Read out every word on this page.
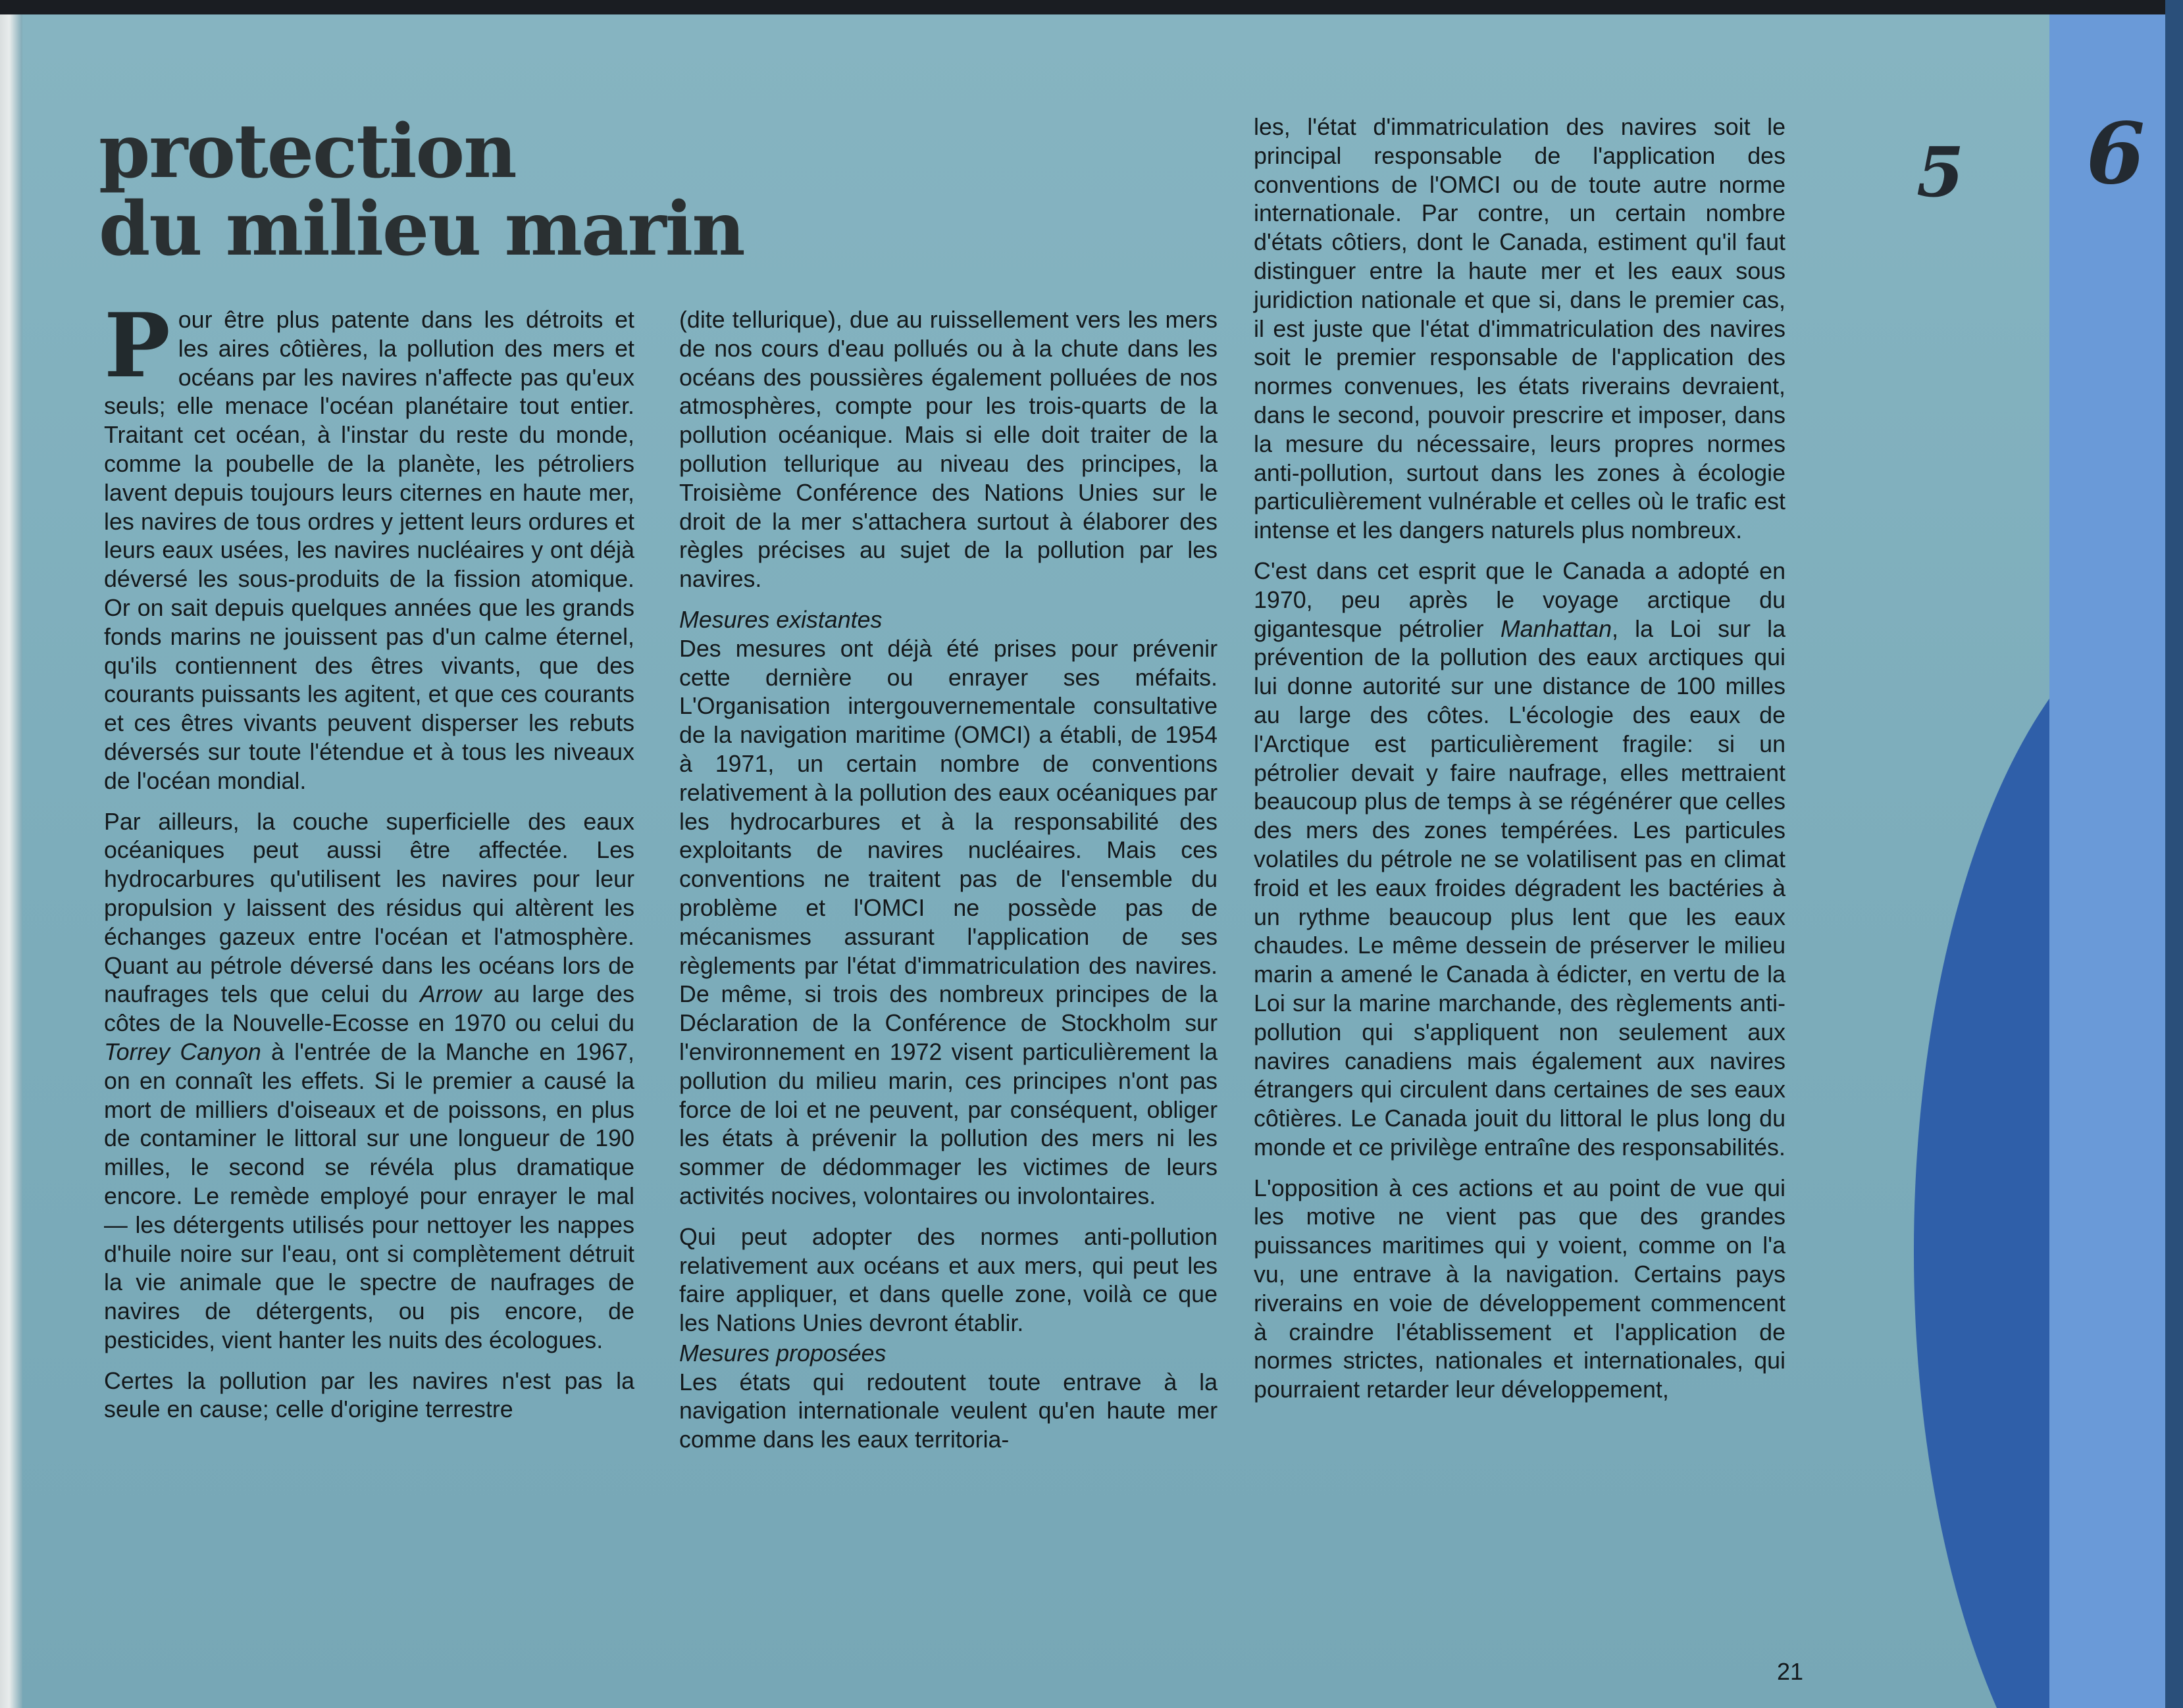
5 6
protection
du milieu marin

Pour être plus patente dans les détroits et les aires côtières, la pollution des mers et océans par les navires n'affecte pas qu'eux seuls; elle menace l'océan planétaire tout entier. Traitant cet océan, à l'instar du reste du monde, comme la poubelle de la planète, les pétroliers lavent depuis toujours leurs citernes en haute mer, les navires de tous ordres y jettent leurs ordures et leurs eaux usées, les navires nucléaires y ont déjà déversé les sous-produits de la fission atomique. Or on sait depuis quelques années que les grands fonds marins ne jouissent pas d'un calme éternel, qu'ils contiennent des êtres vivants, que des courants puissants les agitent, et que ces courants et ces êtres vivants peuvent disperser les rebuts déversés sur toute l'étendue et à tous les niveaux de l'océan mondial.

Par ailleurs, la couche superficielle des eaux océaniques peut aussi être affectée. Les hydrocarbures qu'utilisent les navires pour leur propulsion y laissent des résidus qui altèrent les échanges gazeux entre l'océan et l'atmosphère. Quant au pétrole déversé dans les océans lors de naufrages tels que celui du Arrow au large des côtes de la Nouvelle-Ecosse en 1970 ou celui du Torrey Canyon à l'entrée de la Manche en 1967, on en connaît les effets. Si le premier a causé la mort de milliers d'oiseaux et de poissons, en plus de contaminer le littoral sur une longueur de 190 milles, le second se révéla plus dramatique encore. Le remède employé pour enrayer le mal — les détergents utilisés pour nettoyer les nappes d'huile noire sur l'eau, ont si complètement détruit la vie animale que le spectre de naufrages de navires de détergents, ou pis encore, de pesticides, vient hanter les nuits des écologues.

Certes la pollution par les navires n'est pas la seule en cause; celle d'origine terrestre

(dite tellurique), due au ruissellement vers les mers de nos cours d'eau pollués ou à la chute dans les océans des poussières également polluées de nos atmosphères, compte pour les trois-quarts de la pollution océanique. Mais si elle doit traiter de la pollution tellurique au niveau des principes, la Troisième Conférence des Nations Unies sur le droit de la mer s'attachera surtout à élaborer des règles précises au sujet de la pollution par les navires.

Mesures existantes

Des mesures ont déjà été prises pour prévenir cette dernière ou enrayer ses méfaits. L'Organisation intergouvernementale consultative de la navigation maritime (OMCI) a établi, de 1954 à 1971, un certain nombre de conventions relativement à la pollution des eaux océaniques par les hydrocarbures et à la responsabilité des exploitants de navires nucléaires. Mais ces conventions ne traitent pas de l'ensemble du problème et l'OMCI ne possède pas de mécanismes assurant l'application de ses règlements par l'état d'immatriculation des navires. De même, si trois des nombreux principes de la Déclaration de la Conférence de Stockholm sur l'environnement en 1972 visent particulièrement la pollution du milieu marin, ces principes n'ont pas force de loi et ne peuvent, par conséquent, obliger les états à prévenir la pollution des mers ni les sommer de dédommager les victimes de leurs activités nocives, volontaires ou involontaires.

Qui peut adopter des normes anti-pollution relativement aux océans et aux mers, qui peut les faire appliquer, et dans quelle zone, voilà ce que les Nations Unies devront établir.

Mesures proposées

Les états qui redoutent toute entrave à la navigation internationale veulent qu'en haute mer comme dans les eaux territoria-

les, l'état d'immatriculation des navires soit le principal responsable de l'application des conventions de l'OMCI ou de toute autre norme internationale. Par contre, un certain nombre d'états côtiers, dont le Canada, estiment qu'il faut distinguer entre la haute mer et les eaux sous juridiction nationale et que si, dans le premier cas, il est juste que l'état d'immatriculation des navires soit le premier responsable de l'application des normes convenues, les états riverains devraient, dans le second, pouvoir prescrire et imposer, dans la mesure du nécessaire, leurs propres normes anti-pollution, surtout dans les zones à écologie particulièrement vulnérable et celles où le trafic est intense et les dangers naturels plus nombreux.

C'est dans cet esprit que le Canada a adopté en 1970, peu après le voyage arctique du gigantesque pétrolier Manhattan, la Loi sur la prévention de la pollution des eaux arctiques qui lui donne autorité sur une distance de 100 milles au large des côtes. L'écologie des eaux de l'Arctique est particulièrement fragile: si un pétrolier devait y faire naufrage, elles mettraient beaucoup plus de temps à se régénérer que celles des mers des zones tempérées. Les particules volatiles du pétrole ne se volatilisent pas en climat froid et les eaux froides dégradent les bactéries à un rythme beaucoup plus lent que les eaux chaudes. Le même dessein de préserver le milieu marin a amené le Canada à édicter, en vertu de la Loi sur la marine marchande, des règlements anti-pollution qui s'appliquent non seulement aux navires canadiens mais également aux navires étrangers qui circulent dans certaines de ses eaux côtières. Le Canada jouit du littoral le plus long du monde et ce privilège entraîne des responsabilités.

L'opposition à ces actions et au point de vue qui les motive ne vient pas que des grandes puissances maritimes qui y voient, comme on l'a vu, une entrave à la navigation. Certains pays riverains en voie de développement commencent à craindre l'établissement et l'application de normes strictes, nationales et internationales, qui pourraient retarder leur développement,

21
